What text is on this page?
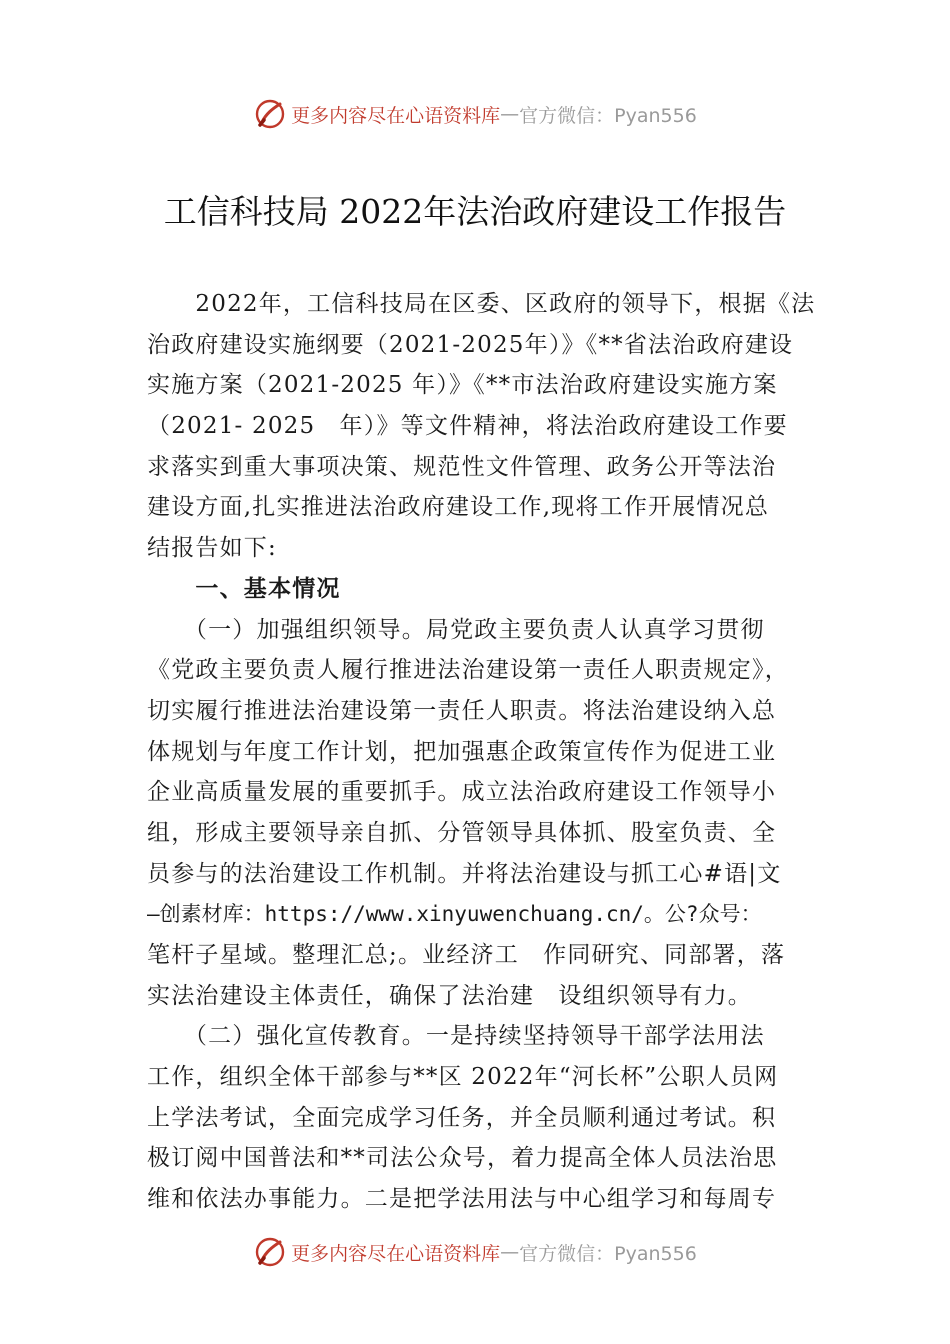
更多内容尽在心语资料库 — 官方微信：Pyan556
工信科技局 2022年法治政府建设工作报告
　　2022年，工信科技局在区委、区政府的领导下，根据《法
治政府建设实施纲要（2021-2025年）》《**省法治政府建设
实施方案（2021-2025 年）》《**市法治政府建设实施方案
（2021- 2025　年）》等文件精神，将法治政府建设工作要
求落实到重大事项决策、规范性文件管理、政务公开等法治
建设方面,扎实推进法治政府建设工作,现将工作开展情况总
结报告如下:
　　一、基本情况
　　（一）加强组织领导。局党政主要负责人认真学习贯彻
《党政主要负责人履行推进法治建设第一责任人职责规定》，
切实履行推进法治建设第一责任人职责。将法治建设纳入总
体规划与年度工作计划，把加强惠企政策宣传作为促进工业
企业高质量发展的重要抓手。成立法治政府建设工作领导小
组，形成主要领导亲自抓、分管领导具体抓、股室负责、全
员参与的法治建设工作机制。并将法治建设与抓工心#语|文
—创素材库：https://www.xinyuwenchuang.cn/。公?众号：
笔杆子星域。整理汇总;。业经济工　作同研究、同部署，落
实法治建设主体责任，确保了法治建　设组织领导有力。
　　（二）强化宣传教育。一是持续坚持领导干部学法用法
工作，组织全体干部参与**区 2022年“河长杯”公职人员网
上学法考试，全面完成学习任务，并全员顺利通过考试。积
极订阅中国普法和**司法公众号，着力提高全体人员法治思
维和依法办事能力。二是把学法用法与中心组学习和每周专
更多内容尽在心语资料库 — 官方微信：Pyan556
